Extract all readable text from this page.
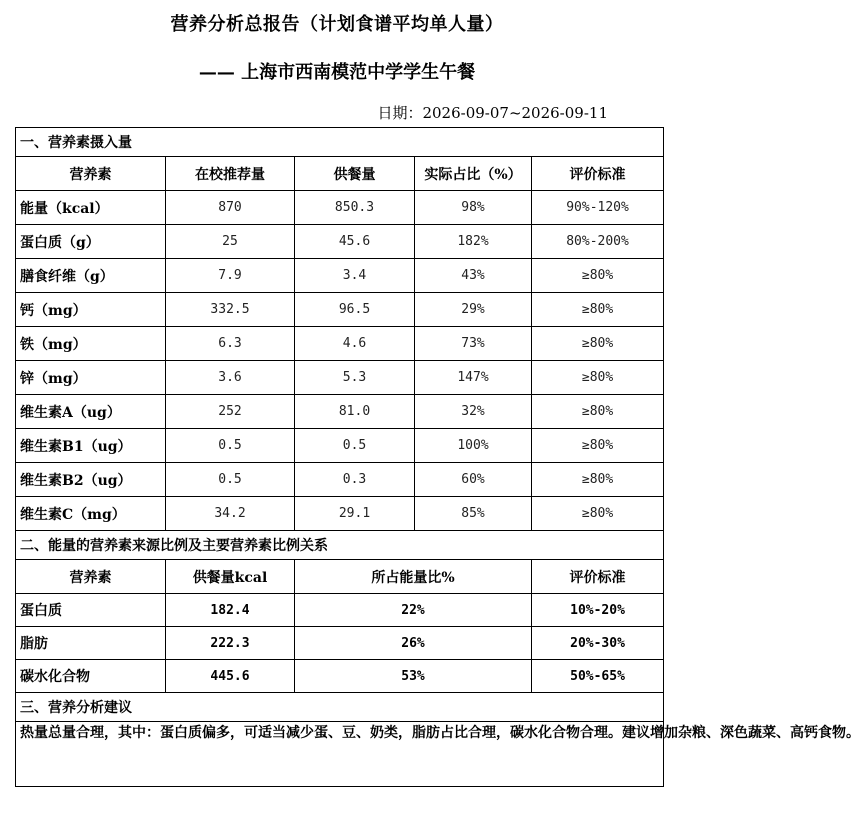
营养分析总报告（计划食谱平均单人量）
—— 上海市西南模范中学学生午餐
日期：2026-09-07~2026-09-11
一、营养素摄入量				
营养素	在校推荐量	供餐量	实际占比（%）	评价标准
能量（kcal）	870	850.3	98%	90%-120%
蛋白质（g）	25	45.6	182%	80%-200%
膳食纤维（g）	7.9	3.4	43%	≥80%
钙（mg）	332.5	96.5	29%	≥80%
铁（mg）	6.3	4.6	73%	≥80%
锌（mg）	3.6	5.3	147%	≥80%
维生素A（ug）	252	81.0	32%	≥80%
维生素B1（ug）	0.5	0.5	100%	≥80%
维生素B2（ug）	0.5	0.3	60%	≥80%
维生素C（mg）	34.2	29.1	85%	≥80%
二、能量的营养素来源比例及主要营养素比例关系				
营养素	供餐量kcal	所占能量比%		评价标准
蛋白质	182.4	22%		10%-20%
脂肪	222.3	26%		20%-30%
碳水化合物	445.6	53%		50%-65%
三、营养分析建议				
热量总量合理，其中：蛋白质偏多，可适当减少蛋、豆、奶类，脂肪占比合理，碳水化合物合理。建议增加杂粮、深色蔬菜、高钙食物。				
